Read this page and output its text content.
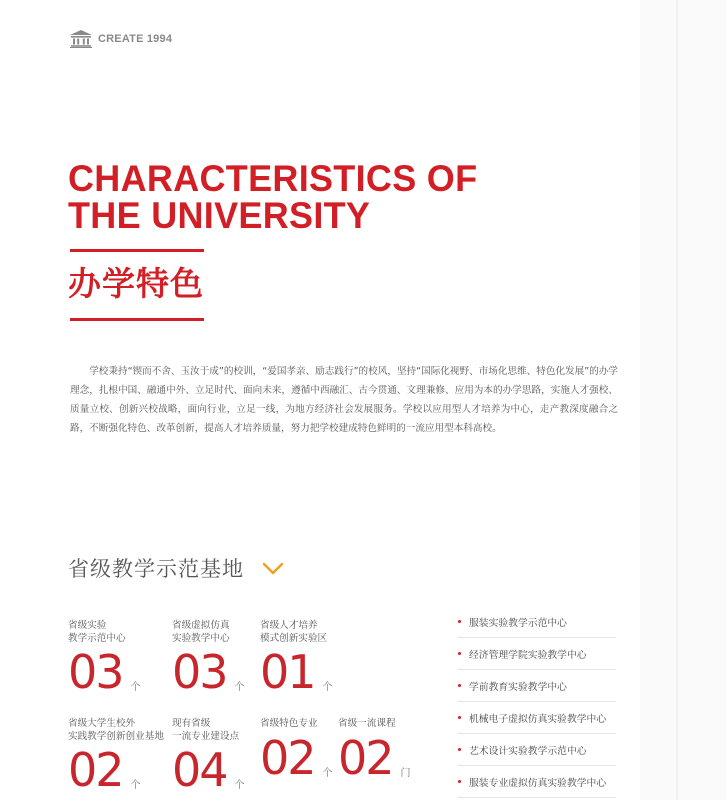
CREATE 1994
CHARACTERISTICS OF
THE UNIVERSITY
办学特色

学校秉持“锲而不舍、玉汝于成”的校训，“爱国孝亲、励志践行”的校风，坚持“国际化视野、市场化思维、特色化发展”的办学理念，扎根中国、融通中外、立足时代、面向未来，遵循中西融汇、古今贯通、文理兼修、应用为本的办学思路，实施人才强校、质量立校、创新兴校战略，面向行业，立足一线，为地方经济社会发展服务。学校以应用型人才培养为中心，走产教深度融合之路，不断强化特色、改革创新，提高人才培养质量，努力把学校建成特色鲜明的一流应用型本科高校。

省级教学示范基地
省级实验
教学示范中心
03 个
省级虚拟仿真
实验教学中心
03 个
省级人才培养
模式创新实验区
01 个
省级大学生校外
实践教学创新创业基地
02 个
现有省级
一流专业建设点
04 个
省级特色专业
02 个
省级一流课程
02 门
服装实验教学示范中心
经济管理学院实验教学中心
学前教育实验教学中心
机械电子虚拟仿真实验教学中心
艺术设计实验教学示范中心
服装专业虚拟仿真实验教学中心
